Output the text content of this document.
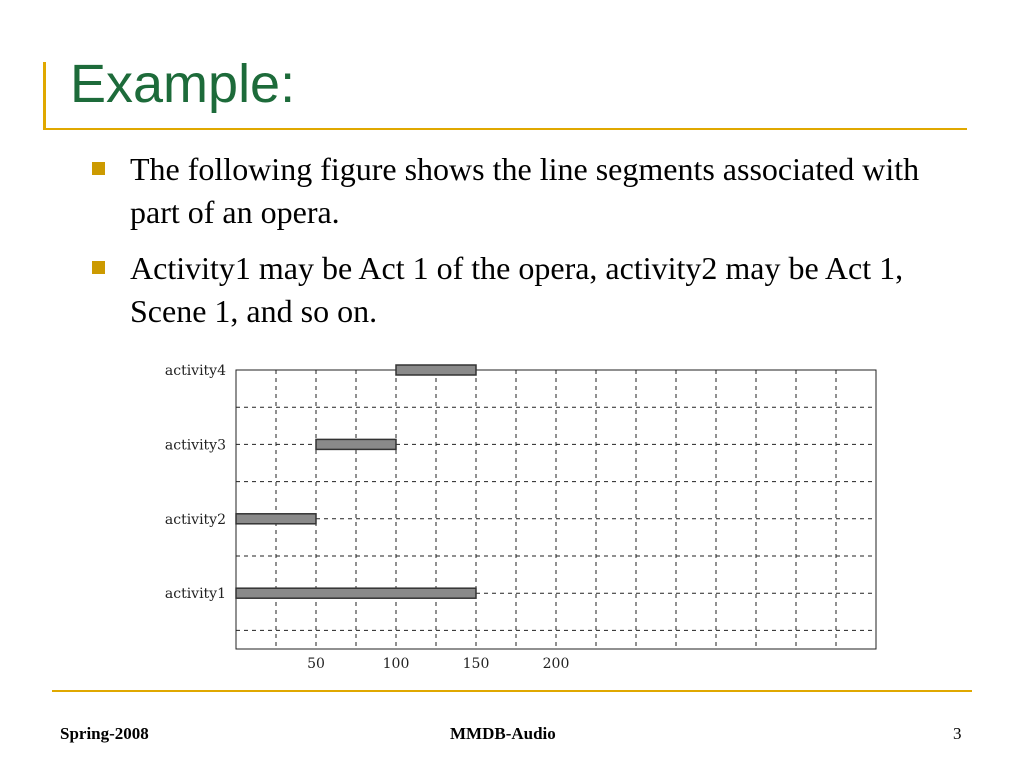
Example:
The following figure shows the line segments associated with part of an opera.
Activity1 may be Act 1 of the opera, activity2 may be Act 1, Scene 1, and so on.
activity4
activity3
activity2
activity1
50	100	150	200
Spring-2008	MMDB-Audio	3
